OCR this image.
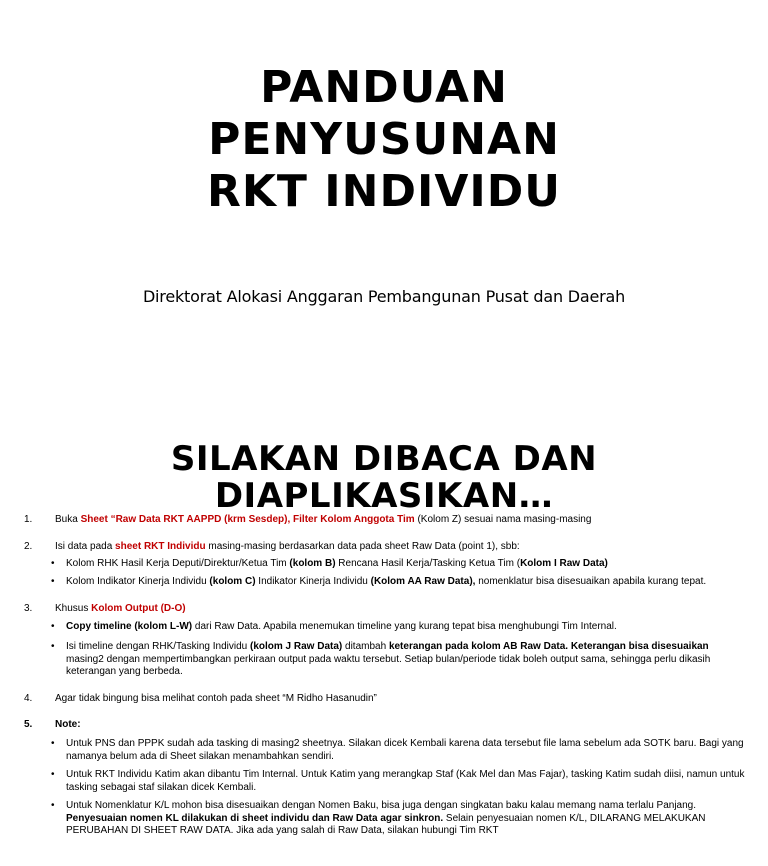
PANDUAN
PENYUSUNAN
RKT INDIVIDU
Direktorat Alokasi Anggaran Pembangunan Pusat dan Daerah
SILAKAN DIBACA DAN
DIAPLIKASIKAN…
1.	Buka Sheet “Raw Data RKT AAPPD (krm Sesdep), Filter Kolom Anggota Tim (Kolom Z) sesuai nama masing-masing
2.	Isi data pada sheet RKT Individu masing-masing berdasarkan data pada sheet Raw Data (point 1), sbb:
• Kolom RHK Hasil Kerja Deputi/Direktur/Ketua Tim (kolom B) Rencana Hasil Kerja/Tasking Ketua Tim (Kolom I Raw Data)
• Kolom Indikator Kinerja Individu (kolom C) Indikator Kinerja Individu (Kolom AA Raw Data), nomenklatur bisa disesuaikan apabila kurang tepat.
3.	Khusus Kolom Output (D-O)
• Copy timeline (kolom L-W) dari Raw Data. Apabila menemukan timeline yang kurang tepat bisa menghubungi Tim Internal.
• Isi timeline dengan RHK/Tasking Individu (kolom J Raw Data) ditambah keterangan pada kolom AB Raw Data. Keterangan bisa disesuaikan masing2 dengan mempertimbangkan perkiraan output pada waktu tersebut. Setiap bulan/periode tidak boleh output sama, sehingga perlu dikasih keterangan yang berbeda.
4.	Agar tidak bingung bisa melihat contoh pada sheet “M Ridho Hasanudin”
5.	Note:
• Untuk PNS dan PPPK sudah ada tasking di masing2 sheetnya. Silakan dicek Kembali karena data tersebut file lama sebelum ada SOTK baru. Bagi yang namanya belum ada di Sheet silakan menambahkan sendiri.
• Untuk RKT Individu Katim akan dibantu Tim Internal. Untuk Katim yang merangkap Staf (Kak Mel dan Mas Fajar), tasking Katim sudah diisi, namun untuk tasking sebagai staf silakan dicek Kembali.
• Untuk Nomenklatur K/L mohon bisa disesuaikan dengan Nomen Baku, bisa juga dengan singkatan baku kalau memang nama terlalu Panjang. Penyesuaian nomen KL dilakukan di sheet individu dan Raw Data agar sinkron. Selain penyesuaian nomen K/L, DILARANG MELAKUKAN PERUBAHAN DI SHEET RAW DATA. Jika ada yang salah di Raw Data, silakan hubungi Tim RKT
